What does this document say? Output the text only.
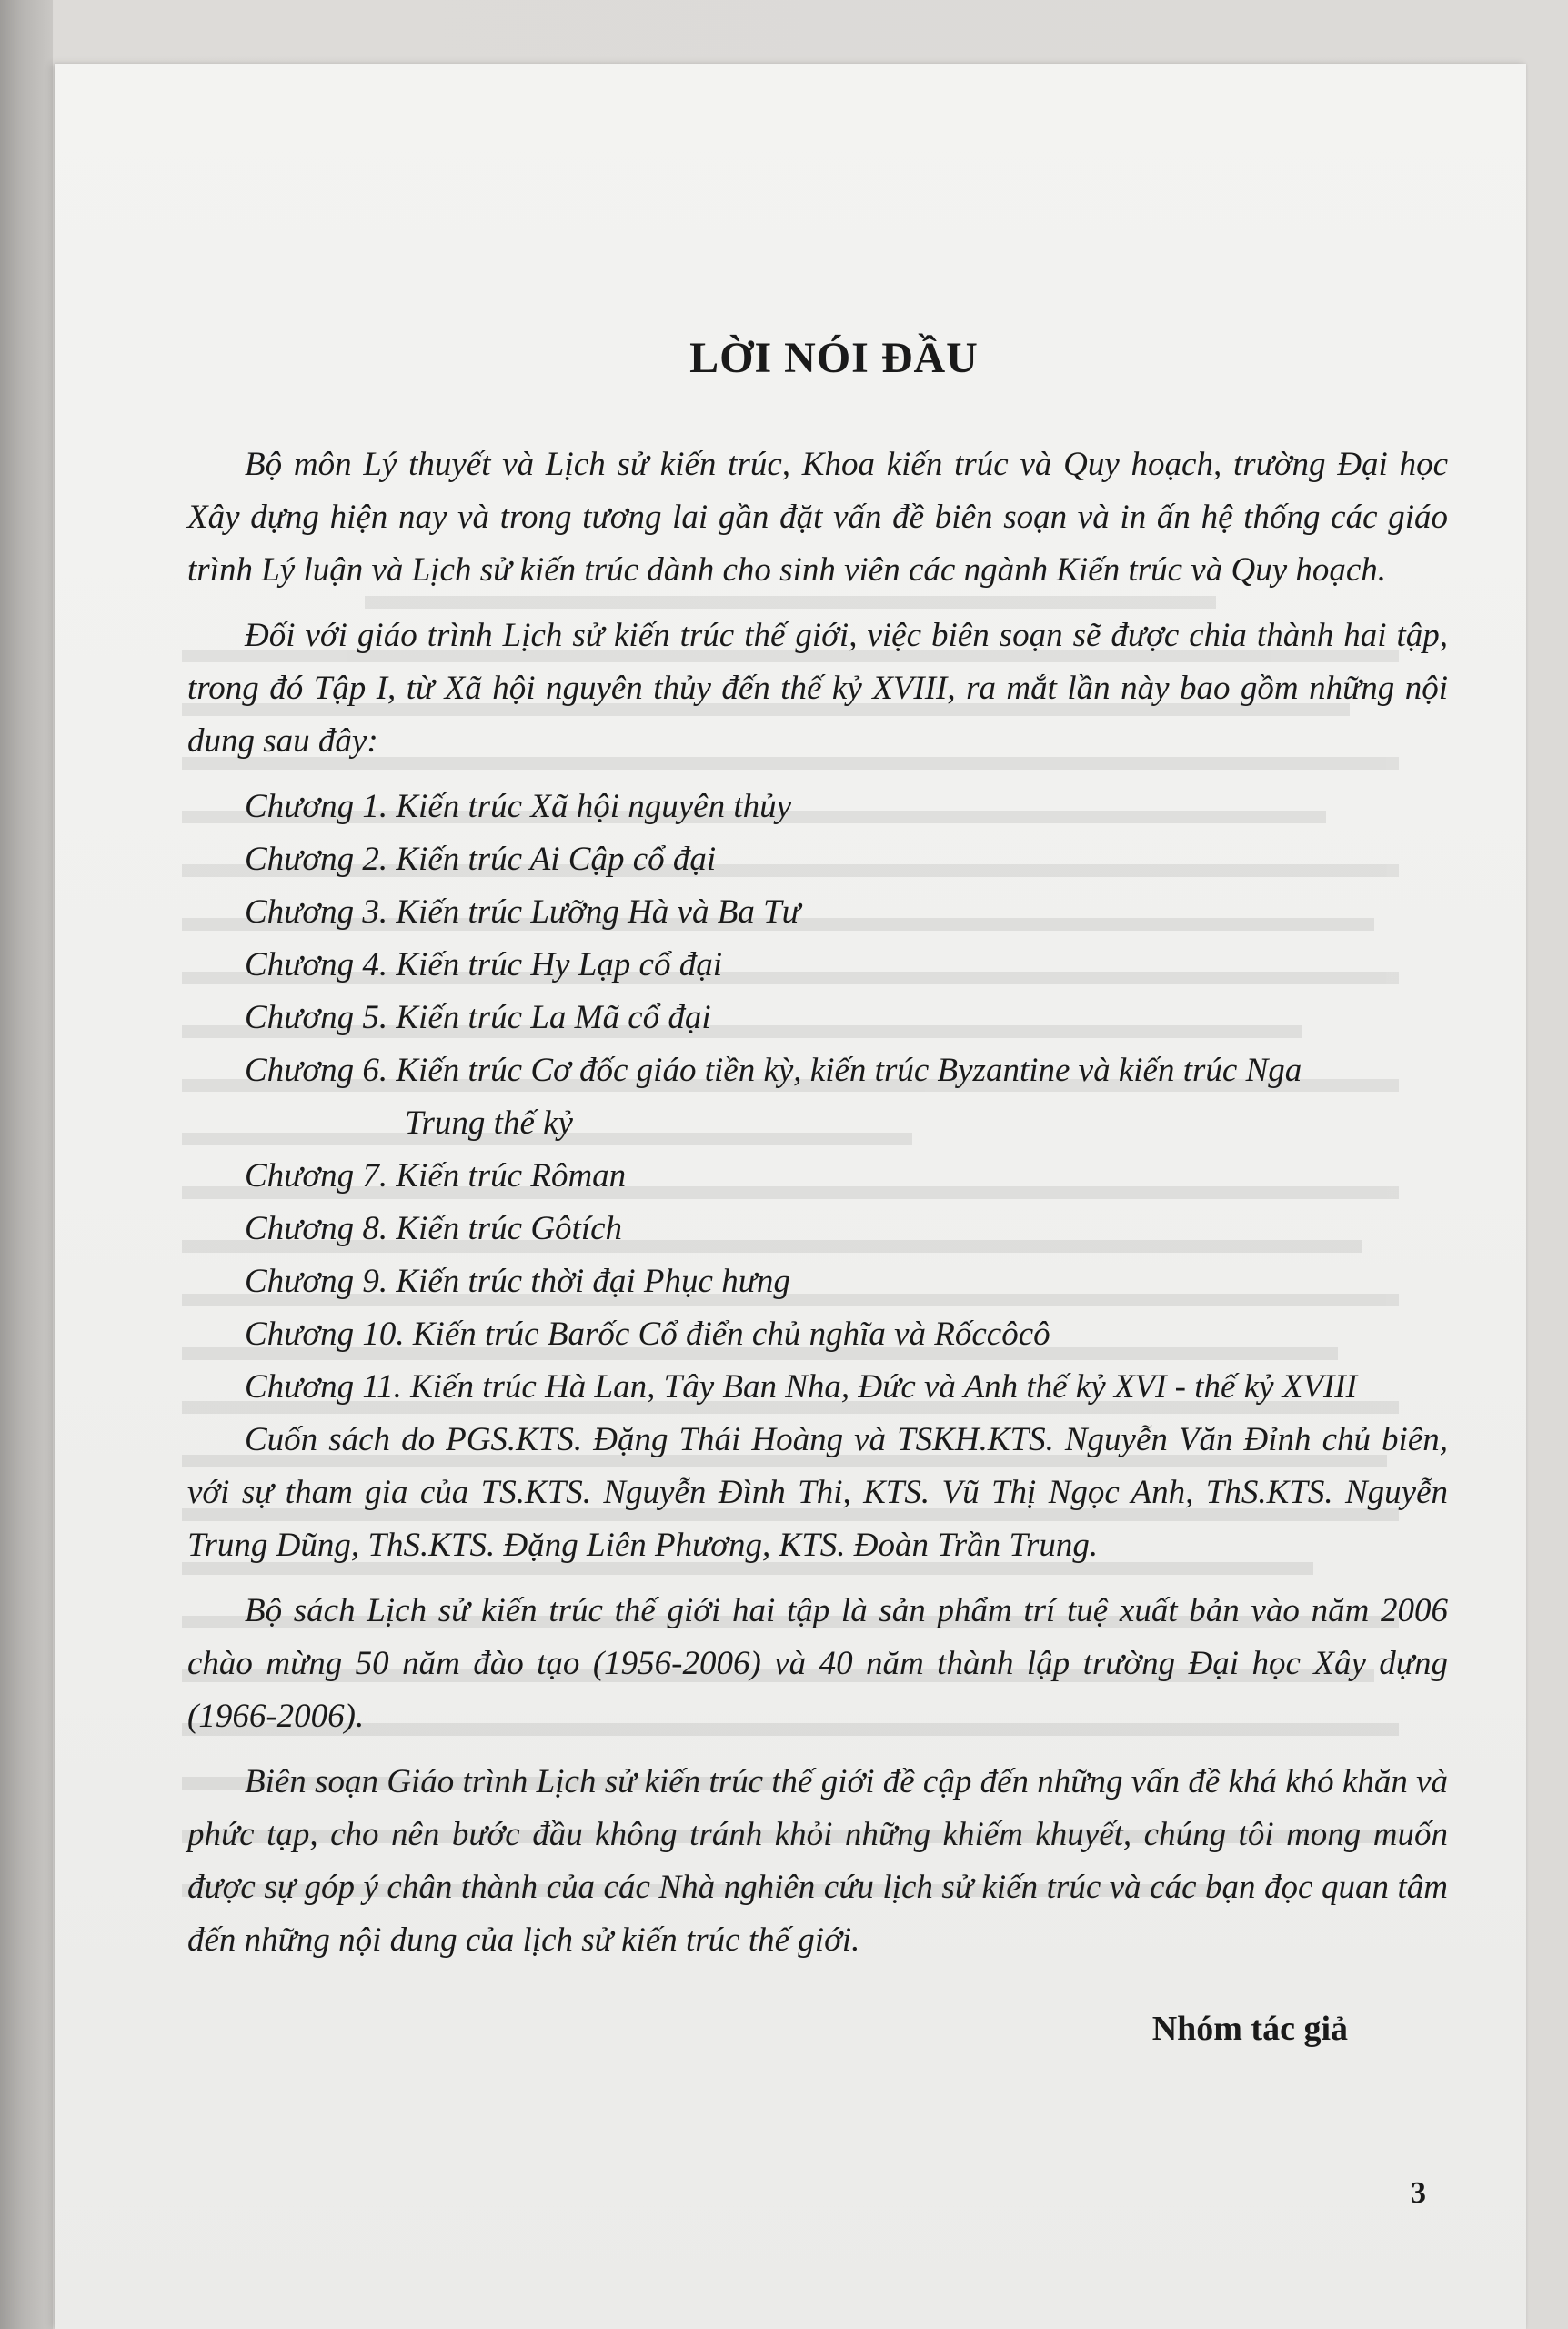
LỜI NÓI ĐẦU

Bộ môn Lý thuyết và Lịch sử kiến trúc, Khoa kiến trúc và Quy hoạch, trường Đại học Xây dựng hiện nay và trong tương lai gần đặt vấn đề biên soạn và in ấn hệ thống các giáo trình Lý luận và Lịch sử kiến trúc dành cho sinh viên các ngành Kiến trúc và Quy hoạch.

Đối với giáo trình Lịch sử kiến trúc thế giới, việc biên soạn sẽ được chia thành hai tập, trong đó Tập I, từ Xã hội nguyên thủy đến thế kỷ XVIII, ra mắt lần này bao gồm những nội dung sau đây:

Chương 1. Kiến trúc Xã hội nguyên thủy
Chương 2. Kiến trúc Ai Cập cổ đại
Chương 3. Kiến trúc Lưỡng Hà và Ba Tư
Chương 4. Kiến trúc Hy Lạp cổ đại
Chương 5. Kiến trúc La Mã cổ đại
Chương 6. Kiến trúc Cơ đốc giáo tiền kỳ, kiến trúc Byzantine và kiến trúc Nga
Trung thế kỷ
Chương 7. Kiến trúc Rôman
Chương 8. Kiến trúc Gôtích
Chương 9. Kiến trúc thời đại Phục hưng
Chương 10. Kiến trúc Barốc Cổ điển chủ nghĩa và Rốccôcô
Chương 11. Kiến trúc Hà Lan, Tây Ban Nha, Đức và Anh thế kỷ XVI - thế kỷ XVIII

Cuốn sách do PGS.KTS. Đặng Thái Hoàng và TSKH.KTS. Nguyễn Văn Đỉnh chủ biên, với sự tham gia của TS.KTS. Nguyễn Đình Thi, KTS. Vũ Thị Ngọc Anh, ThS.KTS. Nguyễn Trung Dũng, ThS.KTS. Đặng Liên Phương, KTS. Đoàn Trần Trung.

Bộ sách Lịch sử kiến trúc thế giới hai tập là sản phẩm trí tuệ xuất bản vào năm 2006 chào mừng 50 năm đào tạo (1956-2006) và 40 năm thành lập trường Đại học Xây dựng (1966-2006).

Biên soạn Giáo trình Lịch sử kiến trúc thế giới đề cập đến những vấn đề khá khó khăn và phức tạp, cho nên bước đầu không tránh khỏi những khiếm khuyết, chúng tôi mong muốn được sự góp ý chân thành của các Nhà nghiên cứu lịch sử kiến trúc và các bạn đọc quan tâm đến những nội dung của lịch sử kiến trúc thế giới.

Nhóm tác giả
3
